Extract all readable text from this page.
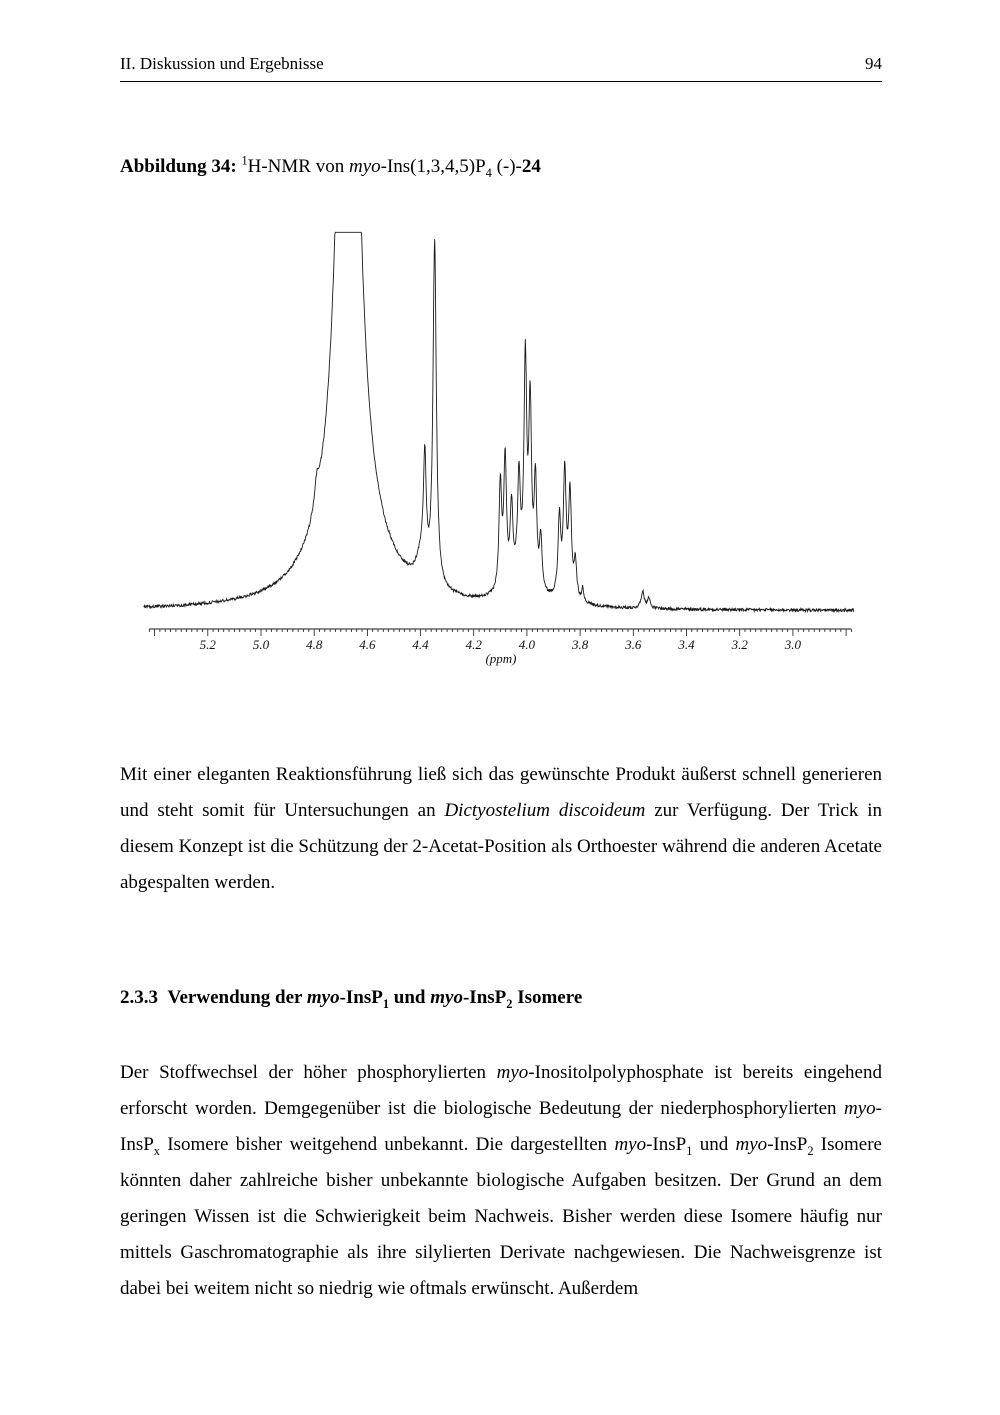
II. Diskussion und Ergebnisse	94
Abbildung 34: $^1$H-NMR von myo-$Ins(1,3,4,5)P_4$ (-)-24
5.2	5.0	4.8	4.6	4.4	4.2	4.0	3.8	3.6	3.4	3.2	3.0
(ppm)

Mit einer eleganten Reaktionsführung ließ sich das gewünschte Produkt äußerst schnell generieren und steht somit für Untersuchungen an Dictyostelium discoideum zur Verfügung. Der Trick in diesem Konzept ist die Schützung der 2-Acetat-Position als Orthoester während die anderen Acetate abgespalten werden.

2.3.3  Verwendung der myo-InsP$_1$ und myo-InsP$_2$ Isomere

Der Stoffwechsel der höher phosphorylierten myo-Inositolpolyphosphate ist bereits eingehend erforscht worden. Demgegenüber ist die biologische Bedeutung der niederphosphorylierten myo-InsP$_x$ Isomere bisher weitgehend unbekannt. Die dargestellten myo-InsP$_1$ und myo-InsP$_2$ Isomere könnten daher zahlreiche bisher unbekannte biologische Aufgaben besitzen. Der Grund an dem geringen Wissen ist die Schwierigkeit beim Nachweis. Bisher werden diese Isomere häufig nur mittels Gaschromatographie als ihre silylierten Derivate nachgewiesen. Die Nachweisgrenze ist dabei bei weitem nicht so niedrig wie oftmals erwünscht. Außerdem
